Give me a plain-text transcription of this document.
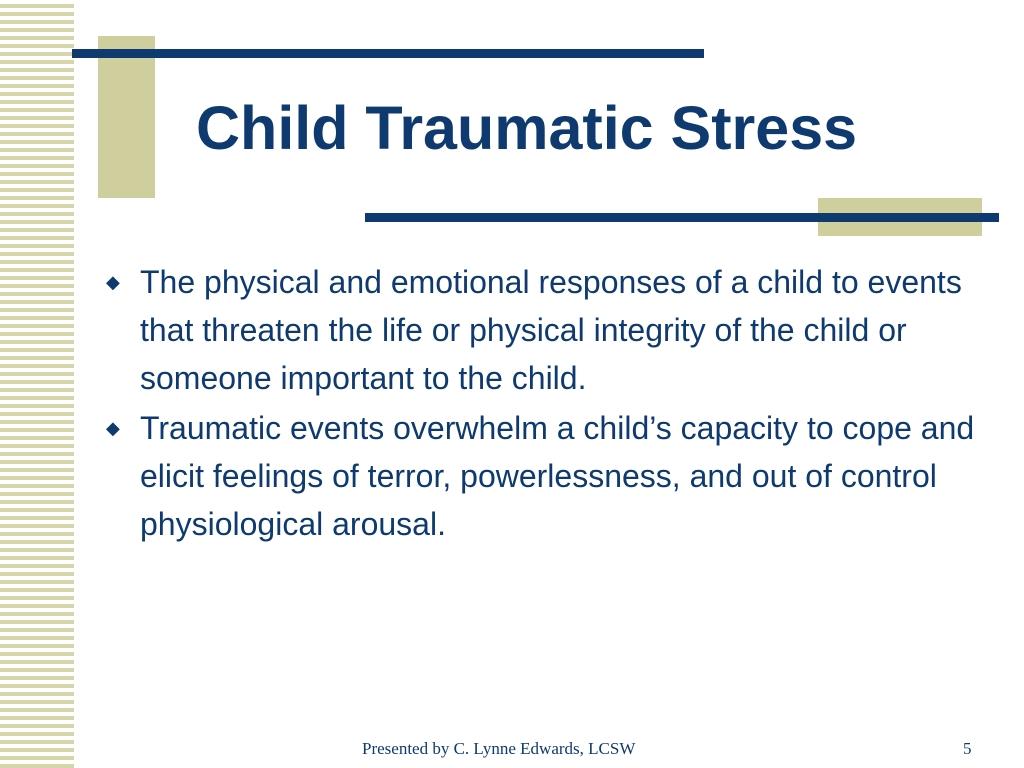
Child Traumatic Stress
◆ The physical and emotional responses of a child to events that threaten the life or physical integrity of the child or someone important to the child.
◆ Traumatic events overwhelm a child’s capacity to cope and elicit feelings of terror, powerlessness, and out of control physiological arousal.
Presented by C. Lynne Edwards, LCSW	5
